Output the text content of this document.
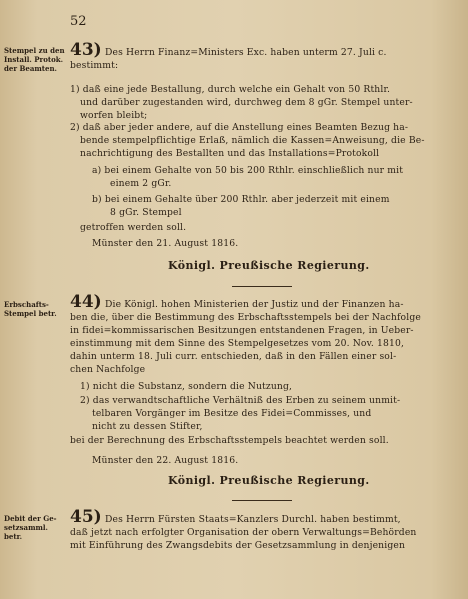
52
Stempel zu den Install. Protok. der Beamten.
43) Des Herrn Finanz=Ministers Exc. haben unterm 27. Juli c.
bestimmt:
1) daß eine jede Bestallung, durch welche ein Gehalt von 50 Rthlr.
und darüber zugestanden wird, durchweg dem 8 gGr. Stempel unter-
worfen bleibt;
2) daß aber jeder andere, auf die Anstellung eines Beamten Bezug ha-
bende stempelpflichtige Erlaß, nämlich die Kassen=Anweisung, die Be-
nachrichtigung des Bestallten und das Installations=Protokoll
a) bei einem Gehalte von 50 bis 200 Rthlr. einschließlich nur mit
einem 2 gGr.
b) bei einem Gehalte über 200 Rthlr. aber jederzeit mit einem
8 gGr. Stempel
getroffen werden soll.
Münster den 21. August 1816.
Königl. Preußische Regierung.
Erbschafts-Stempel betr.
44) Die Königl. hohen Ministerien der Justiz und der Finanzen ha-
ben die, über die Bestimmung des Erbschaftsstempels bei der Nachfolge
in fidei=kommissarischen Besitzungen entstandenen Fragen, in Ueber-
einstimmung mit dem Sinne des Stempelgesetzes vom 20. Nov. 1810,
dahin unterm 18. Juli curr. entschieden, daß in den Fällen einer sol-
chen Nachfolge
1) nicht die Substanz, sondern die Nutzung,
2) das verwandtschaftliche Verhältniß des Erben zu seinem unmit-
telbaren Vorgänger im Besitze des Fidei=Commisses, und
nicht zu dessen Stifter,
bei der Berechnung des Erbschaftsstempels beachtet werden soll.
Münster den 22. August 1816.
Königl. Preußische Regierung.
Debit der Ge-setzsamml. betr.
45) Des Herrn Fürsten Staats=Kanzlers Durchl. haben bestimmt,
daß jetzt nach erfolgter Organisation der obern Verwaltungs=Behörden
mit Einführung des Zwangsdebits der Gesetzsammlung in denjenigen
